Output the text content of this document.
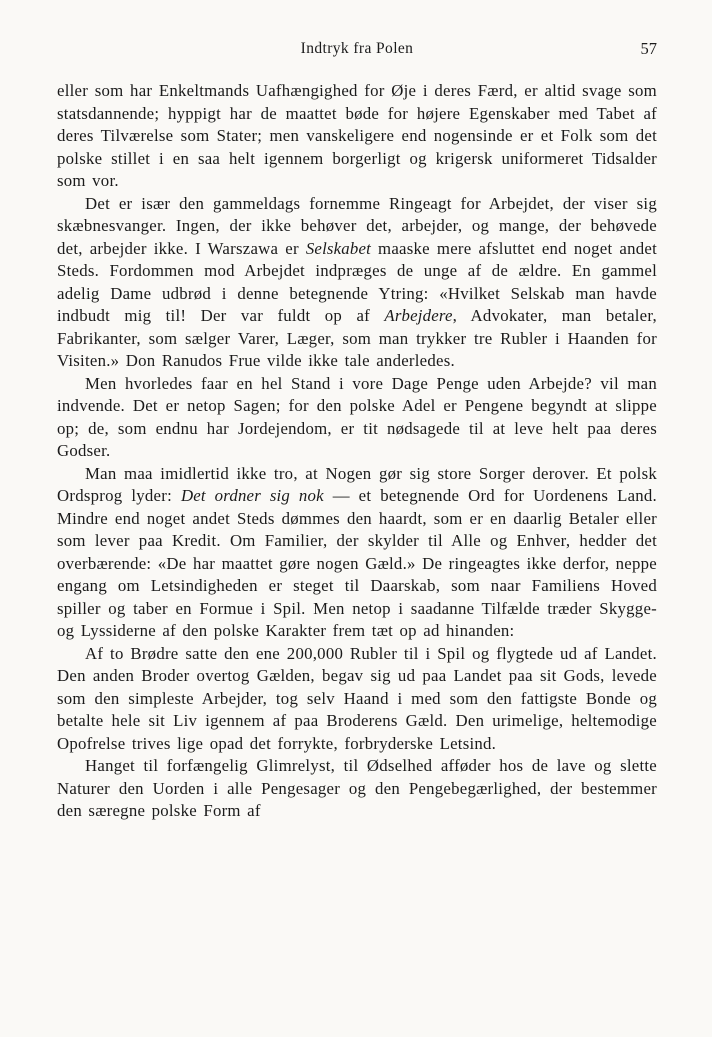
Indtryk fra Polen	57

eller som har Enkeltmands Uafhængighed for Øje i deres Færd, er altid svage som statsdannende; hyppigt har de maattet bøde for højere Egenskaber med Tabet af deres Tilværelse som Stater; men vanskeligere end nogensinde er et Folk som det polske stillet i en saa helt igennem borgerligt og krigersk uniformeret Tidsalder som vor.

Det er især den gammeldags fornemme Ringeagt for Arbejdet, der viser sig skæbnesvanger. Ingen, der ikke behøver det, arbejder, og mange, der behøvede det, arbejder ikke. I Warszawa er Selskabet maaske mere afsluttet end noget andet Steds. Fordommen mod Arbejdet indpræges de unge af de ældre. En gammel adelig Dame udbrød i denne betegnende Ytring: «Hvilket Selskab man havde indbudt mig til! Der var fuldt op af Arbejdere, Advokater, man betaler, Fabrikanter, som sælger Varer, Læger, som man trykker tre Rubler i Haanden for Visiten.» Don Ranudos Frue vilde ikke tale anderledes.

Men hvorledes faar en hel Stand i vore Dage Penge uden Arbejde? vil man indvende. Det er netop Sagen; for den polske Adel er Pengene begyndt at slippe op; de, som endnu har Jordejendom, er tit nødsagede til at leve helt paa deres Godser.

Man maa imidlertid ikke tro, at Nogen gør sig store Sorger derover. Et polsk Ordsprog lyder: Det ordner sig nok — et betegnende Ord for Uordenens Land. Mindre end noget andet Steds dømmes den haardt, som er en daarlig Betaler eller som lever paa Kredit. Om Familier, der skylder til Alle og Enhver, hedder det overbærende: «De har maattet gøre nogen Gæld.» De ringeagtes ikke derfor, neppe engang om Letsindigheden er steget til Daarskab, som naar Familiens Hoved spiller og taber en Formue i Spil. Men netop i saadanne Tilfælde træder Skygge- og Lyssiderne af den polske Karakter frem tæt op ad hinanden:

Af to Brødre satte den ene 200,000 Rubler til i Spil og flygtede ud af Landet. Den anden Broder overtog Gælden, begav sig ud paa Landet paa sit Gods, levede som den simpleste Arbejder, tog selv Haand i med som den fattigste Bonde og betalte hele sit Liv igennem af paa Broderens Gæld. Den urimelige, heltemodige Opofrelse trives lige opad det forrykte, forbryderske Letsind.

Hanget til forfængelig Glimrelyst, til Ødselhed afføder hos de lave og slette Naturer den Uorden i alle Pengesager og den Pengebegærlighed, der bestemmer den særegne polske Form af
